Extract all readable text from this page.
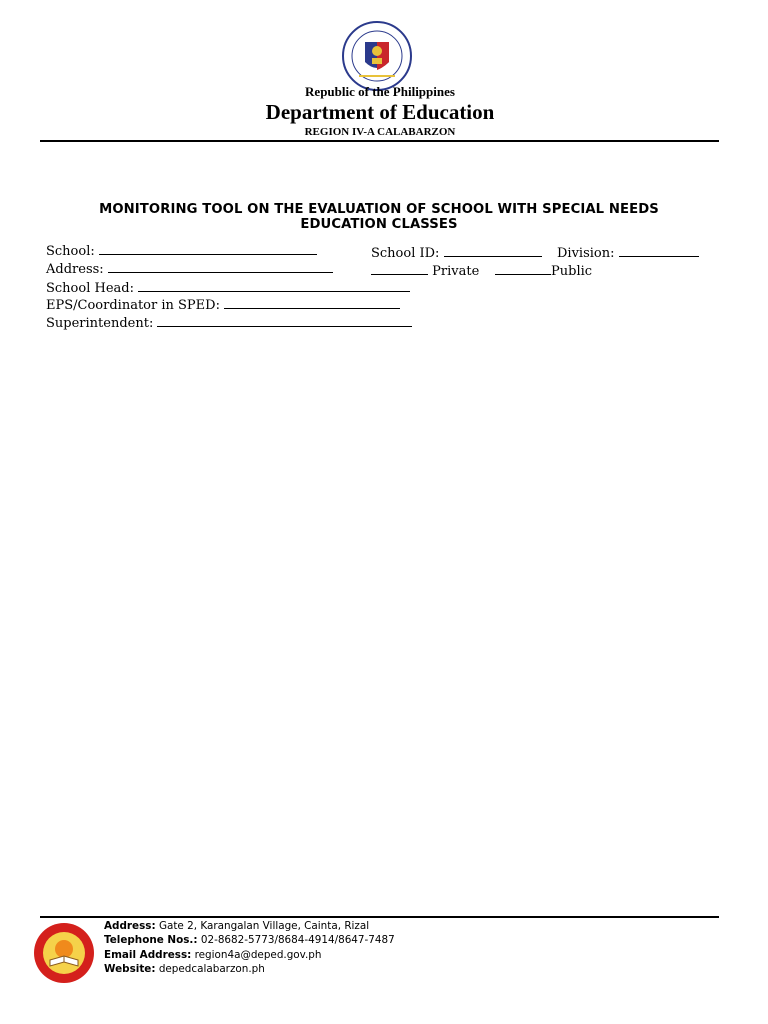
Republic of the Philippines
Department of Education
REGION IV-A CALABARZON
MONITORING TOOL ON THE EVALUATION OF SCHOOL WITH SPECIAL NEEDS
EDUCATION CLASSES
School:	School ID:	Division:
Address:	Private	Public
School Head:
EPS/Coordinator in SPED:
Superintendent:
Address: Gate 2, Karangalan Village, Cainta, Rizal
Telephone Nos.: 02-8682-5773/8684-4914/8647-7487
Email Address: region4a@deped.gov.ph
Website: depedcalabarzon.ph
